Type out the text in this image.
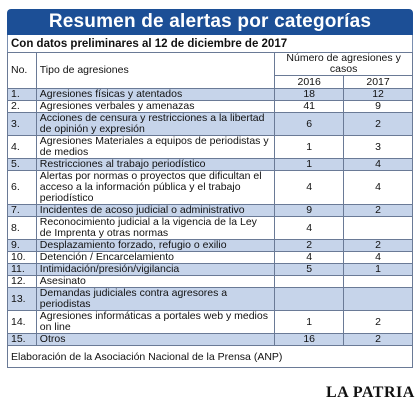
Resumen de alertas por categorías
Con datos preliminares al 12 de diciembre de 2017
No.	Tipo de agresiones	Número de agresiones y casos	
		2016	2017
1.	Agresiones físicas y atentados	18	12
2.	Agresiones verbales y amenazas	41	9
3.	Acciones de censura y restricciones a la libertad de opinión y expresión	6	2
4.	Agresiones Materiales a equipos de periodistas y de medios	1	3
5.	Restricciones al trabajo periodístico	1	4
6.	Alertas por normas o proyectos que dificultan el acceso a la información pública y el trabajo periodístico	4	4
7.	Incidentes de acoso judicial o administrativo	9	2
8.	Reconocimiento judicial a la vigencia de la Ley de Imprenta y otras normas	4	
9.	Desplazamiento forzado, refugio o exilio	2	2
10.	Detención / Encarcelamiento	4	4
11.	Intimidación/presión/vigilancia	5	1
12.	Asesinato		
13.	Demandas judiciales contra agresores a periodistas		
14.	Agresiones informáticas a portales web y medios on line	1	2
15.	Otros	16	2
Elaboración de la Asociación Nacional de la Prensa (ANP)
LA PATRIA
